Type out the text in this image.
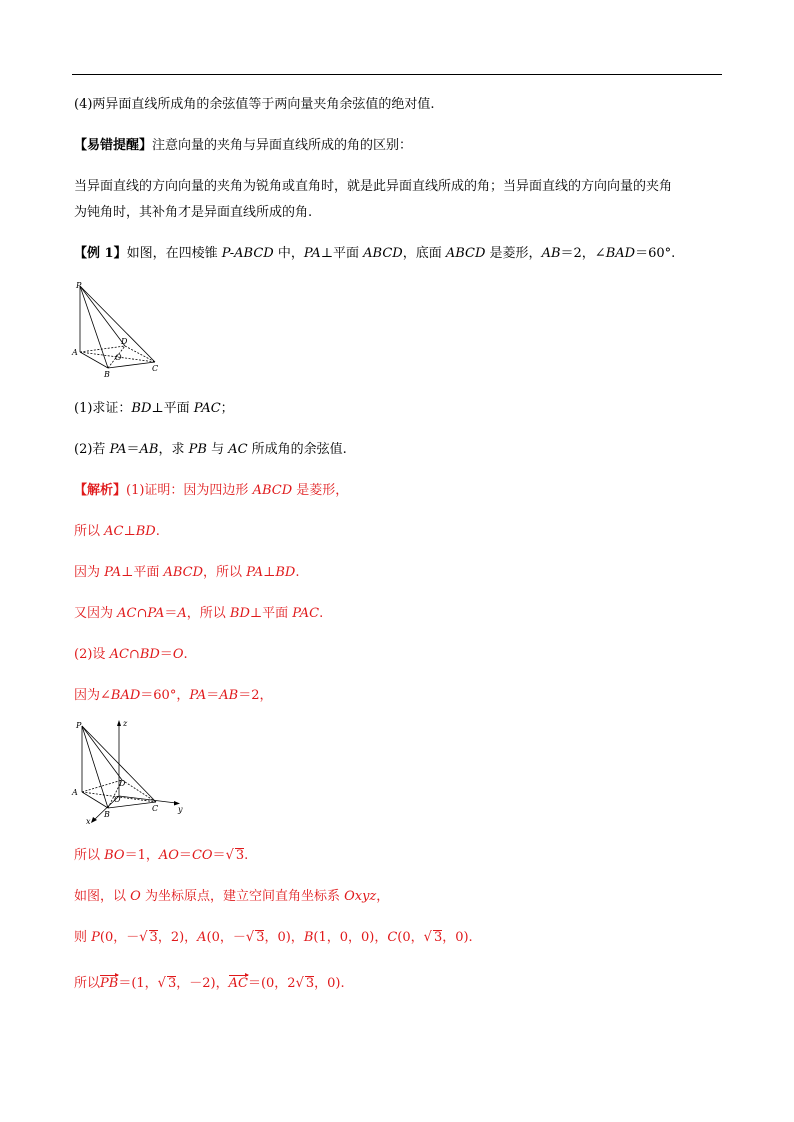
(4)两异面直线所成角的余弦值等于两向量夹角余弦值的绝对值.
【易错提醒】注意向量的夹角与异面直线所成的角的区别：
当异面直线的方向向量的夹角为锐角或直角时，就是此异面直线所成的角；当异面直线的方向向量的夹角
为钝角时，其补角才是异面直线所成的角.
【例 1】如图，在四棱锥 P-ABCD 中，PA⊥平面 ABCD，底面 ABCD 是菱形，AB＝2，∠BAD＝60°.
P
A
B
C
D
O
(1)求证：BD⊥平面 PAC；
(2)若 PA＝AB，求 PB 与 AC 所成角的余弦值.
【解析】(1)证明：因为四边形 ABCD 是菱形，
所以 AC⊥BD.
因为 PA⊥平面 ABCD，所以 PA⊥BD.
又因为 AC∩PA＝A，所以 BD⊥平面 PAC.
(2)设 AC∩BD＝O.
因为∠BAD＝60°，PA＝AB＝2，
P
A
B
C
D
O
x
y
z
所以 BO＝1，AO＝CO＝√ 3.
如图，以 O 为坐标原点，建立空间直角坐标系 Oxyz，
则 P(0，－√ 3，2)，A(0，－√ 3，0)，B(1，0，0)，C(0，√ 3，0).
所以PB＝(1，√ 3，－2)，AC＝(0，2√ 3，0).
